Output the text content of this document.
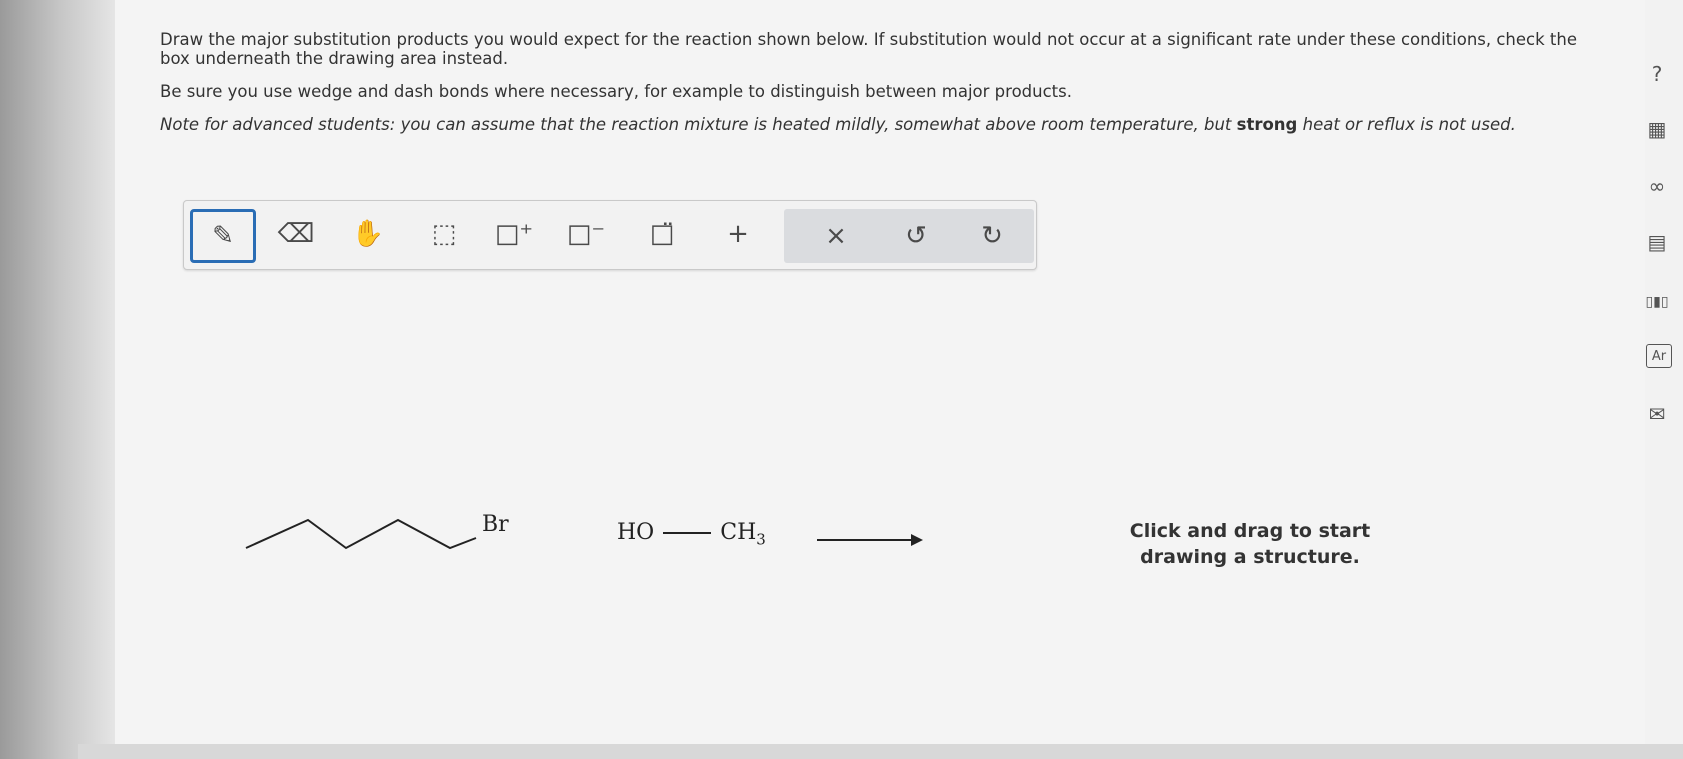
Draw the major substitution products you would expect for the reaction shown below. If substitution would not occur at a significant rate under these conditions, check the box underneath the drawing area instead.

Be sure you use wedge and dash bonds where necessary, for example to distinguish between major products.

Note for advanced students: you can assume that the reaction mixture is heated mildly, somewhat above room temperature, but strong heat or reflux is not used.

✎ ⌫ ✋ ⬚ □⁺ □⁻ □̈ +	× ↺ ↻
?
▦
∞
▤
▯▮▯
Ar
✉
Br	HO	$CH_3$	Click and drag to start
drawing a structure.
